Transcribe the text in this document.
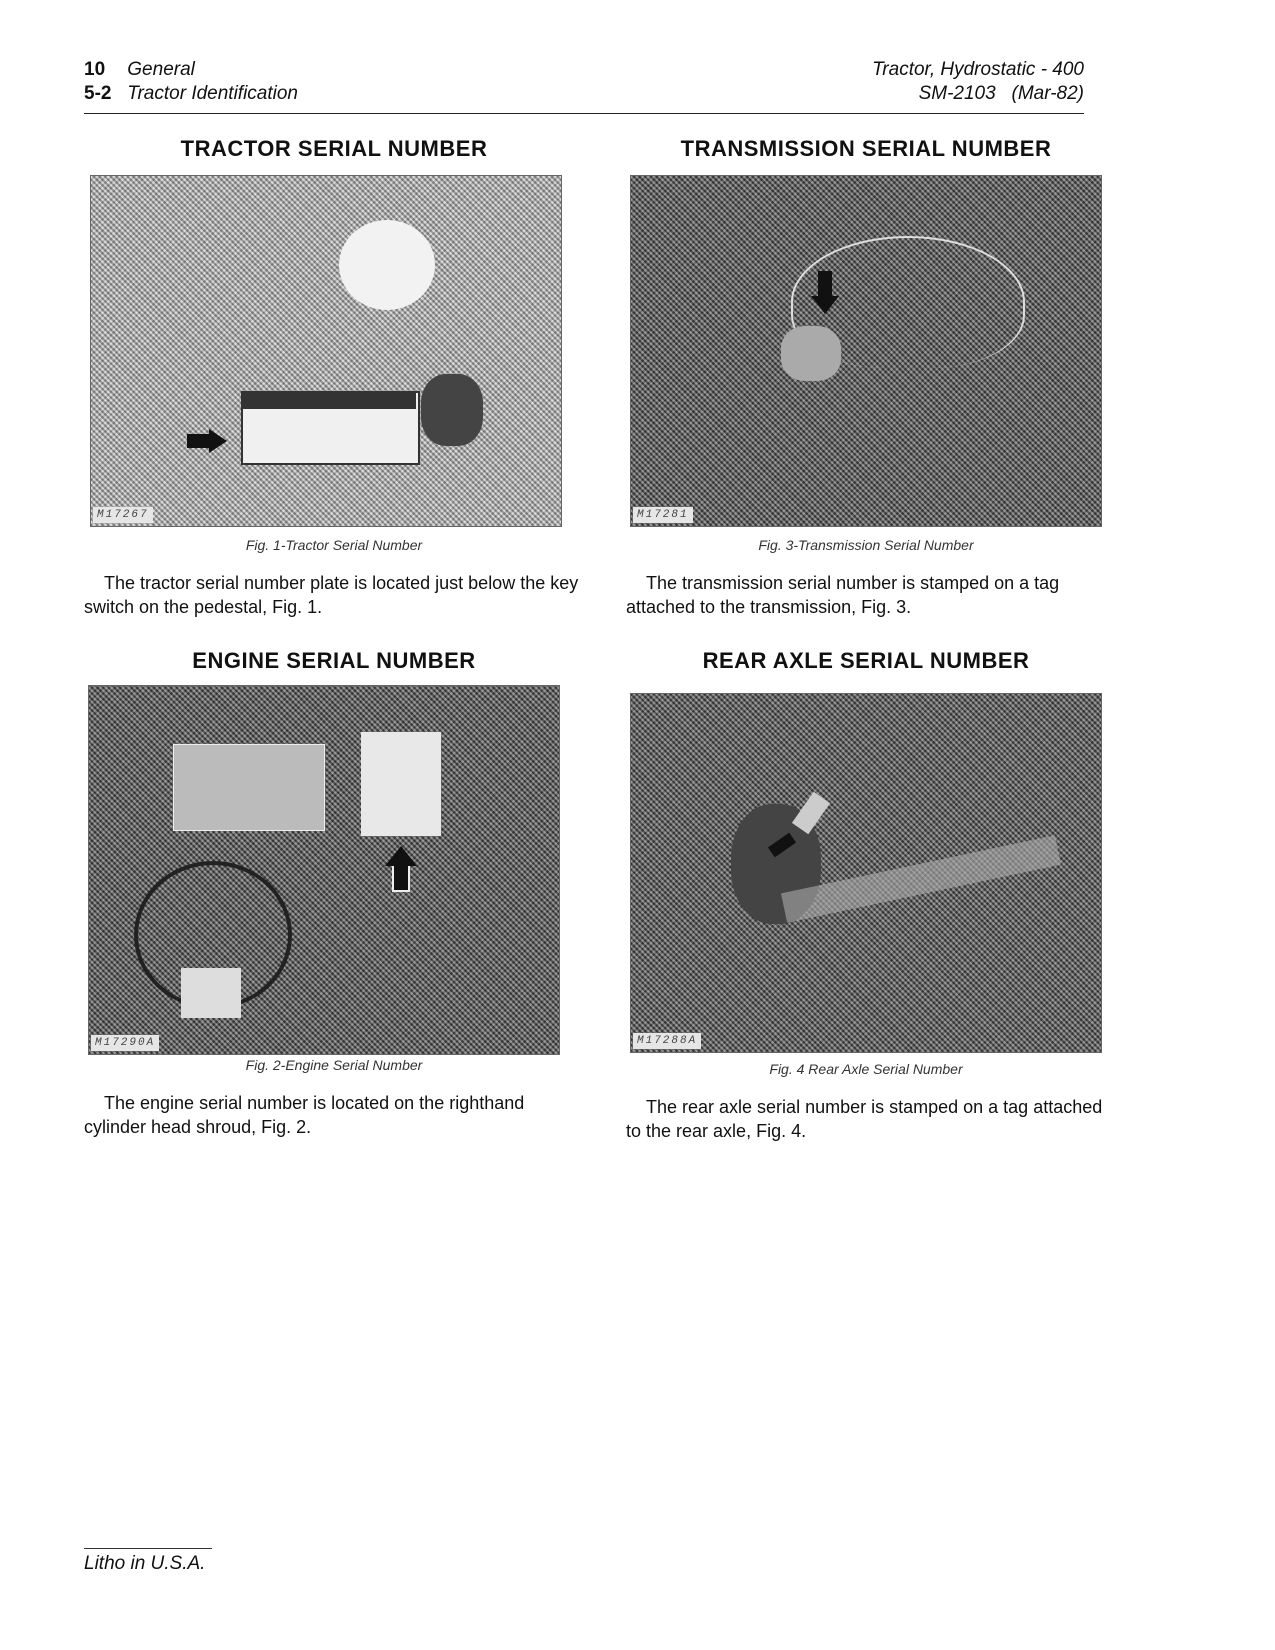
10 General
5-2 Tractor Identification
Tractor, Hydrostatic - 400
SM-2103   (Mar-82)
TRACTOR SERIAL NUMBER
M17267
Fig. 1-Tractor Serial Number
The tractor serial number plate is located just below the key switch on the pedestal, Fig. 1.
TRANSMISSION SERIAL NUMBER
M17281
Fig. 3-Transmission Serial Number
The transmission serial number is stamped on a tag attached to the transmission, Fig. 3.
ENGINE SERIAL NUMBER
M17290A
Fig. 2-Engine Serial Number
The engine serial number is located on the righthand cylinder head shroud, Fig. 2.
REAR AXLE SERIAL NUMBER
M17288A
Fig. 4 Rear Axle Serial Number
The rear axle serial number is stamped on a tag attached to the rear axle, Fig. 4.
Litho in U.S.A.
